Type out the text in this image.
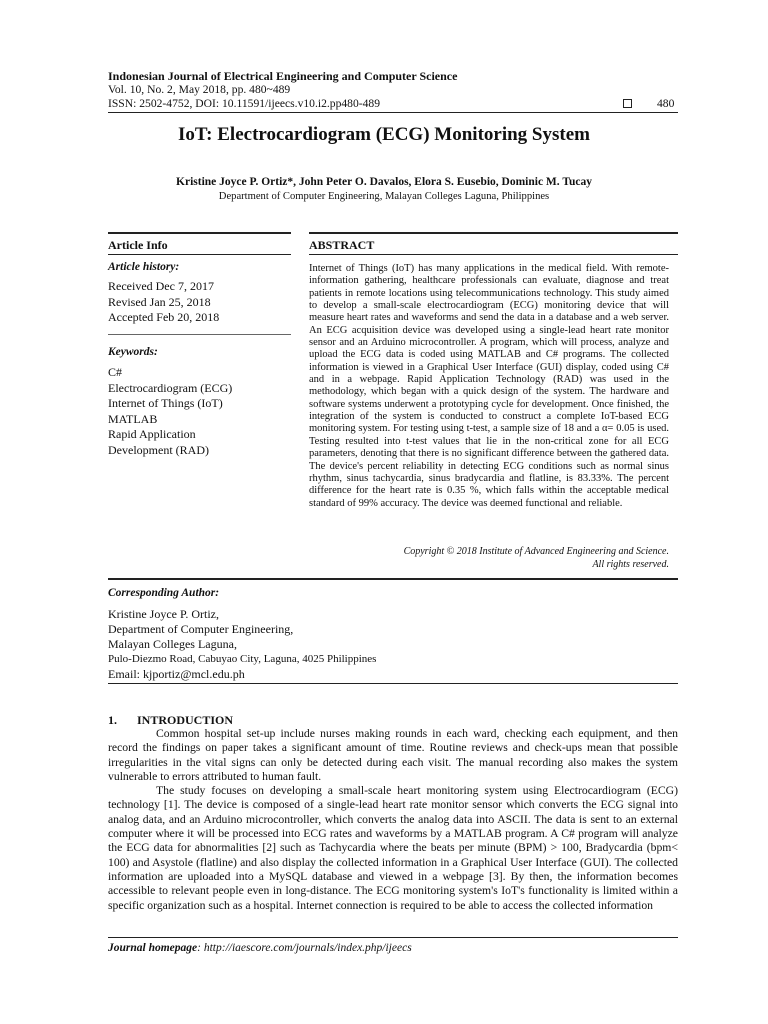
Indonesian Journal of Electrical Engineering and Computer Science
Vol. 10, No. 2, May 2018, pp. 480~489
ISSN: 2502-4752, DOI: 10.11591/ijeecs.v10.i2.pp480-489	480
IoT: Electrocardiogram (ECG) Monitoring System
Kristine Joyce P. Ortiz*, John Peter O. Davalos, Elora S. Eusebio, Dominic M. Tucay
Department of Computer Engineering, Malayan Colleges Laguna, Philippines
Article Info	ABSTRACT
Article history:
Received Dec 7, 2017
Revised Jan 25, 2018
Accepted Feb 20, 2018
Keywords:
C#
Electrocardiogram (ECG)
Internet of Things (IoT)
MATLAB
Rapid Application
Development (RAD)
Internet of Things (IoT) has many applications in the medical field. With remote-information gathering, healthcare professionals can evaluate, diagnose and treat patients in remote locations using telecommunications technology. This study aimed to develop a small-scale electrocardiogram (ECG) monitoring device that will measure heart rates and waveforms and send the data in a database and a web server. An ECG acquisition device was developed using a single-lead heart rate monitor sensor and an Arduino microcontroller. A program, which will process, analyze and upload the ECG data is coded using MATLAB and C# programs. The collected information is viewed in a Graphical User Interface (GUI) display, coded using C# and in a webpage. Rapid Application Technology (RAD) was used in the methodology, which began with a quick design of the system. The hardware and software systems underwent a prototyping cycle for development. Once finished, the integration of the system is conducted to construct a complete IoT-based ECG monitoring system. For testing using t-test, a sample size of 18 and a α= 0.05 is used. Testing resulted into t-test values that lie in the non-critical zone for all ECG parameters, denoting that there is no significant difference between the gathered data. The device's percent reliability in detecting ECG conditions such as normal sinus rhythm, sinus tachycardia, sinus bradycardia and flatline, is 83.33%. The percent difference for the heart rate is 0.35 %, which falls within the acceptable medical standard of 99% accuracy. The device was deemed functional and reliable.
Copyright © 2018 Institute of Advanced Engineering and Science.
All rights reserved.
Corresponding Author:
Kristine Joyce P. Ortiz,
Department of Computer Engineering,
Malayan Colleges Laguna,
Pulo-Diezmo Road, Cabuyao City, Laguna, 4025 Philippines
Email: kjportiz@mcl.edu.ph
1. INTRODUCTION

Common hospital set-up include nurses making rounds in each ward, checking each equipment, and then record the findings on paper takes a significant amount of time. Routine reviews and check-ups mean that possible irregularities in the vital signs can only be detected during each visit. The manual recording also makes the system vulnerable to errors attributed to human fault.

The study focuses on developing a small-scale heart monitoring system using Electrocardiogram (ECG) technology [1]. The device is composed of a single-lead heart rate monitor sensor which converts the ECG signal into analog data, and an Arduino microcontroller, which converts the analog data into ASCII. The data is sent to an external computer where it will be processed into ECG rates and waveforms by a MATLAB program. A C# program will analyze the ECG data for abnormalities [2] such as Tachycardia where the beats per minute (BPM) > 100, Bradycardia (bpm< 100) and Asystole (flatline) and also display the collected information in a Graphical User Interface (GUI). The collected information are uploaded into a MySQL database and viewed in a webpage [3]. By then, the information becomes accessible to relevant people even in long-distance. The ECG monitoring system's IoT's functionality is limited within a specific organization such as a hospital. Internet connection is required to be able to access the collected information

Journal homepage: http://iaescore.com/journals/index.php/ijeecs
